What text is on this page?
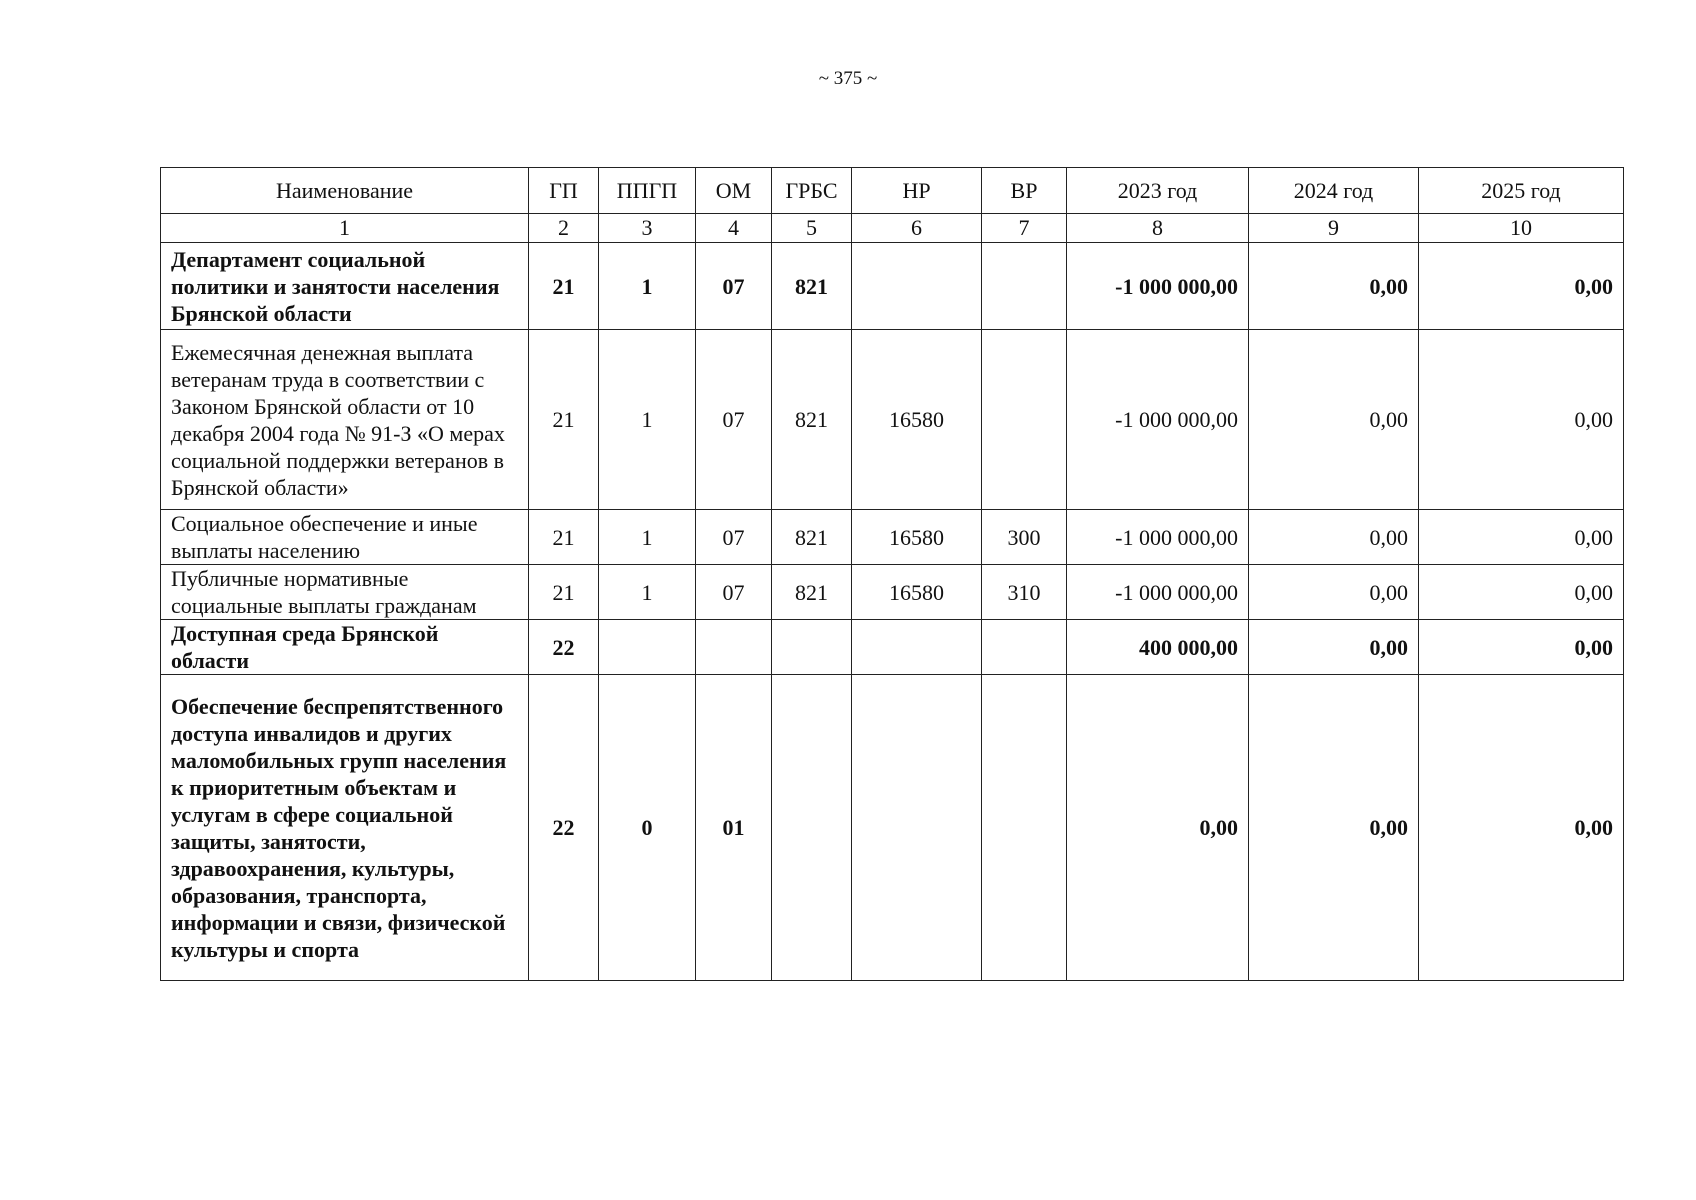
~ 375 ~
Наименование	ГП	ППГП	ОМ	ГРБС	НР	ВР	2023 год	2024 год	2025 год
1	2	3	4	5	6	7	8	9	10
Департамент социальной политики и занятости населения Брянской области	21	1	07	821			-1 000 000,00	0,00	0,00
Ежемесячная денежная выплата ветеранам труда в соответствии с Законом Брянской области от 10 декабря 2004 года № 91-З «О мерах социальной поддержки ветеранов в Брянской области»	21	1	07	821	16580		-1 000 000,00	0,00	0,00
Социальное обеспечение и иные выплаты населению	21	1	07	821	16580	300	-1 000 000,00	0,00	0,00
Публичные нормативные социальные выплаты гражданам	21	1	07	821	16580	310	-1 000 000,00	0,00	0,00
Доступная среда Брянской области	22						400 000,00	0,00	0,00
Обеспечение беспрепятственного доступа инвалидов и других маломобильных групп населения к приоритетным объектам и услугам в сфере социальной защиты, занятости, здравоохранения, культуры, образования, транспорта, информации и связи, физической культуры и спорта	22	0	01				0,00	0,00	0,00
